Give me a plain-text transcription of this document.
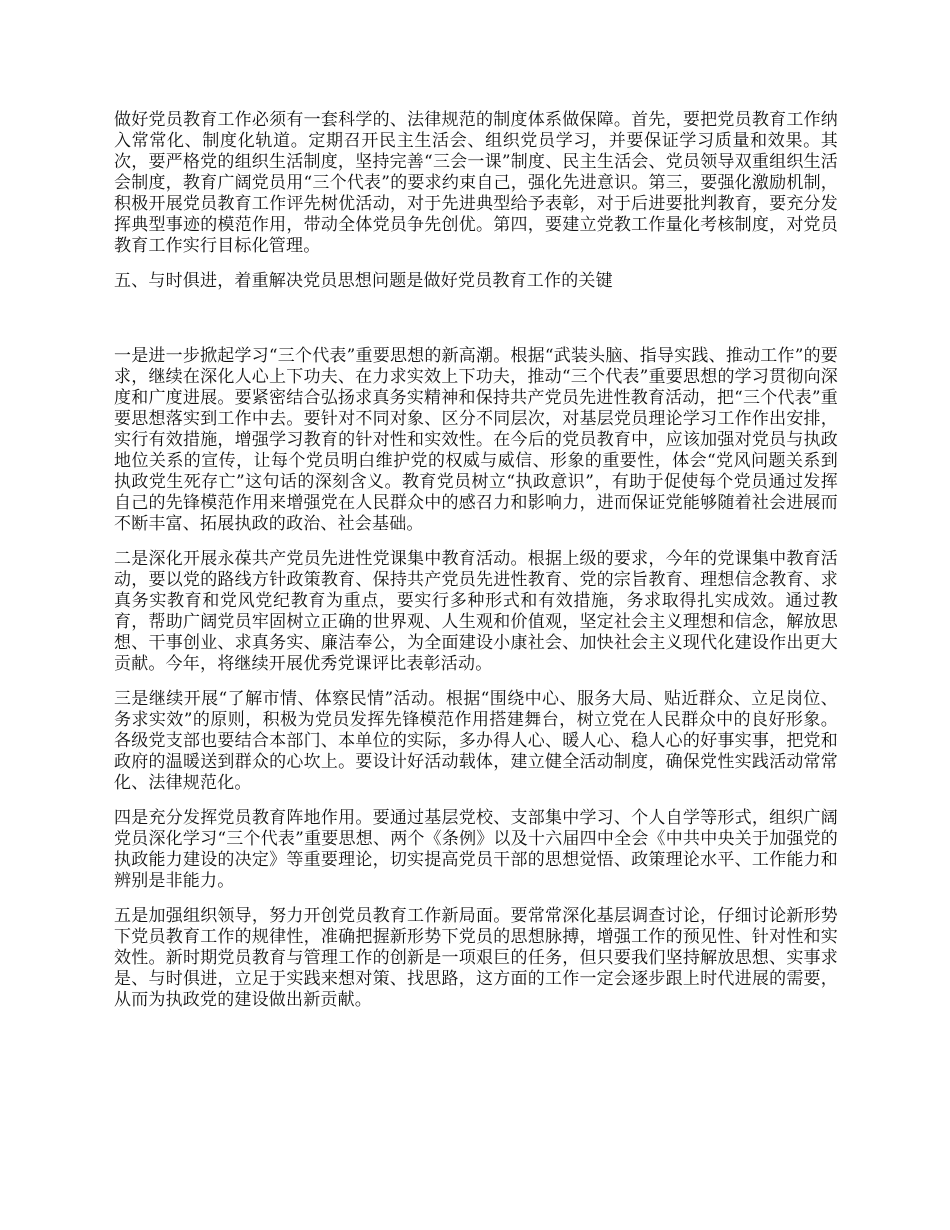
做好党员教育工作必须有一套科学的、法律规范的制度体系做保障。首先，要把党员教育工作纳入常常化、制度化轨道。定期召开民主生活会、组织党员学习，并要保证学习质量和效果。其次，要严格党的组织生活制度，坚持完善“三会一课”制度、民主生活会、党员领导双重组织生活会制度，教育广阔党员用“三个代表”的要求约束自己，强化先进意识。第三，要强化激励机制，积极开展党员教育工作评先树优活动，对于先进典型给予表彰，对于后进要批判教育，要充分发挥典型事迹的模范作用，带动全体党员争先创优。第四，要建立党教工作量化考核制度，对党员教育工作实行目标化管理。

五、与时俱进，着重解决党员思想问题是做好党员教育工作的关键

一是进一步掀起学习“三个代表”重要思想的新高潮。根据“武装头脑、指导实践、推动工作”的要求，继续在深化人心上下功夫、在力求实效上下功夫，推动“三个代表”重要思想的学习贯彻向深度和广度进展。要紧密结合弘扬求真务实精神和保持共产党员先进性教育活动，把“三个代表”重要思想落实到工作中去。要针对不同对象、区分不同层次，对基层党员理论学习工作作出安排，实行有效措施，增强学习教育的针对性和实效性。在今后的党员教育中，应该加强对党员与执政地位关系的宣传，让每个党员明白维护党的权威与威信、形象的重要性，体会“党风问题关系到执政党生死存亡”这句话的深刻含义。教育党员树立“执政意识”，有助于促使每个党员通过发挥自己的先锋模范作用来增强党在人民群众中的感召力和影响力，进而保证党能够随着社会进展而不断丰富、拓展执政的政治、社会基础。

二是深化开展永葆共产党员先进性党课集中教育活动。根据上级的要求，今年的党课集中教育活动，要以党的路线方针政策教育、保持共产党员先进性教育、党的宗旨教育、理想信念教育、求真务实教育和党风党纪教育为重点，要实行多种形式和有效措施，务求取得扎实成效。通过教育，帮助广阔党员牢固树立正确的世界观、人生观和价值观，坚定社会主义理想和信念，解放思想、干事创业、求真务实、廉洁奉公，为全面建设小康社会、加快社会主义现代化建设作出更大贡献。今年，将继续开展优秀党课评比表彰活动。

三是继续开展“了解市情、体察民情”活动。根据“围绕中心、服务大局、贴近群众、立足岗位、务求实效”的原则，积极为党员发挥先锋模范作用搭建舞台，树立党在人民群众中的良好形象。各级党支部也要结合本部门、本单位的实际，多办得人心、暖人心、稳人心的好事实事，把党和政府的温暖送到群众的心坎上。要设计好活动载体，建立健全活动制度，确保党性实践活动常常化、法律规范化。

四是充分发挥党员教育阵地作用。要通过基层党校、支部集中学习、个人自学等形式，组织广阔党员深化学习“三个代表”重要思想、两个《条例》以及十六届四中全会《中共中央关于加强党的执政能力建设的决定》等重要理论，切实提高党员干部的思想觉悟、政策理论水平、工作能力和辨别是非能力。

五是加强组织领导，努力开创党员教育工作新局面。要常常深化基层调查讨论，仔细讨论新形势下党员教育工作的规律性，准确把握新形势下党员的思想脉搏，增强工作的预见性、针对性和实效性。新时期党员教育与管理工作的创新是一项艰巨的任务，但只要我们坚持解放思想、实事求是、与时俱进，立足于实践来想对策、找思路，这方面的工作一定会逐步跟上时代进展的需要，从而为执政党的建设做出新贡献。
